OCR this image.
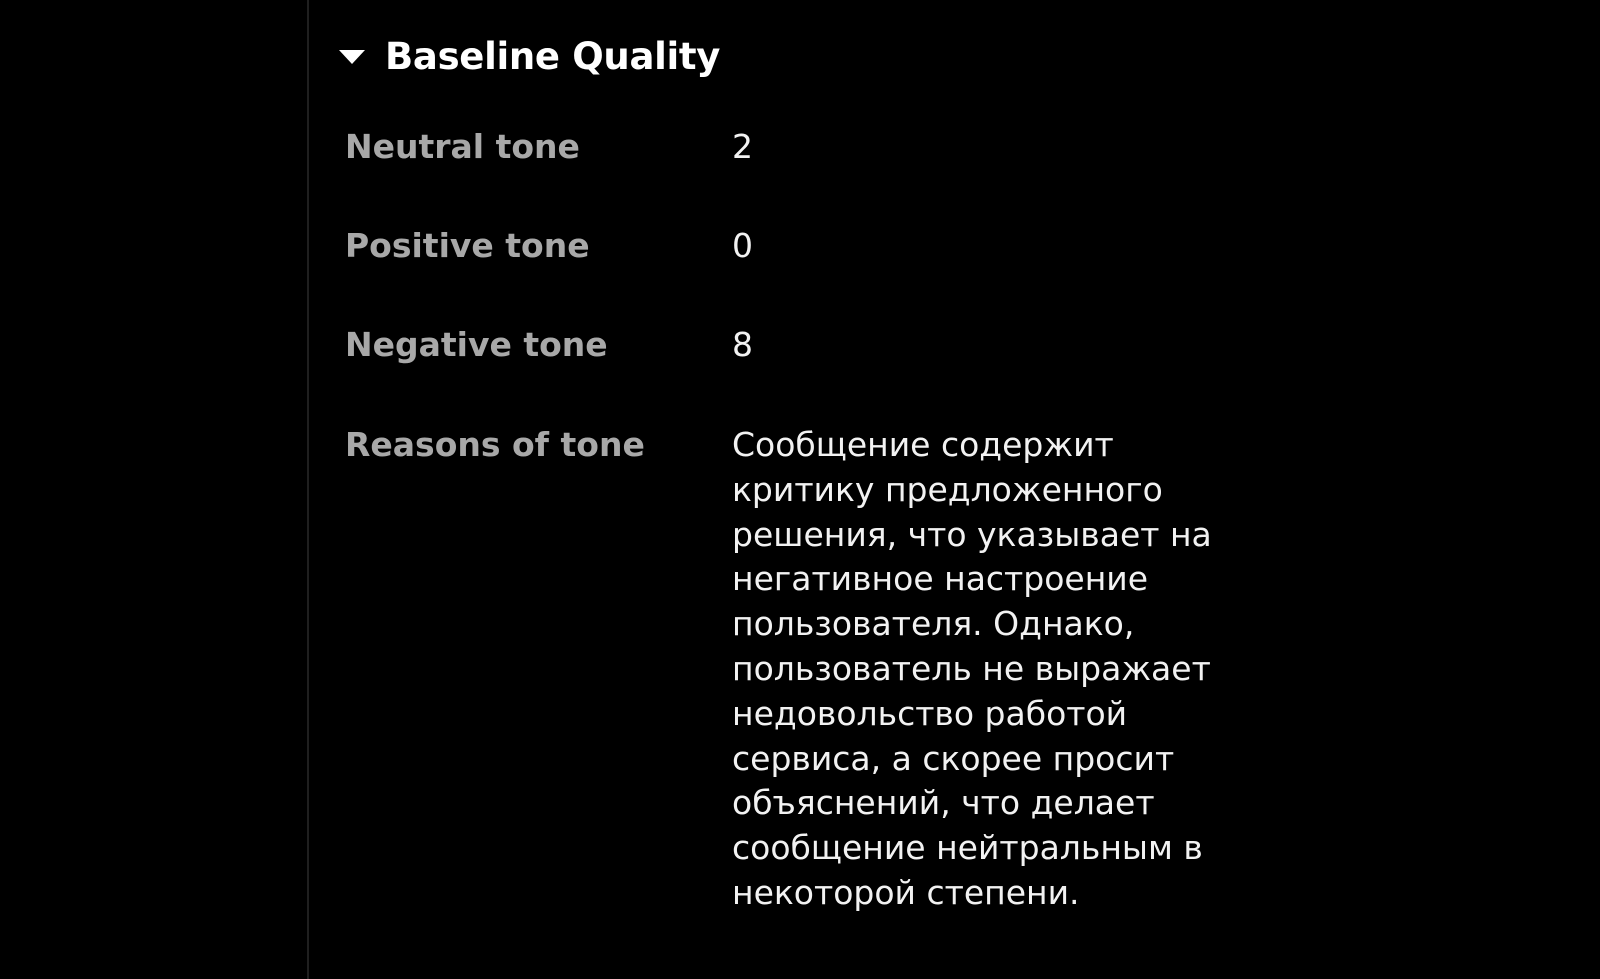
Baseline Quality
Neutral tone	2
Positive tone	0
Negative tone	8
Reasons of tone	Сообщение содержит критику предложенного решения, что указывает на негативное настроение пользователя. Однако, пользователь не выражает недовольство работой сервиса, а скорее просит объяснений, что делает сообщение нейтральным в некоторой степени.
